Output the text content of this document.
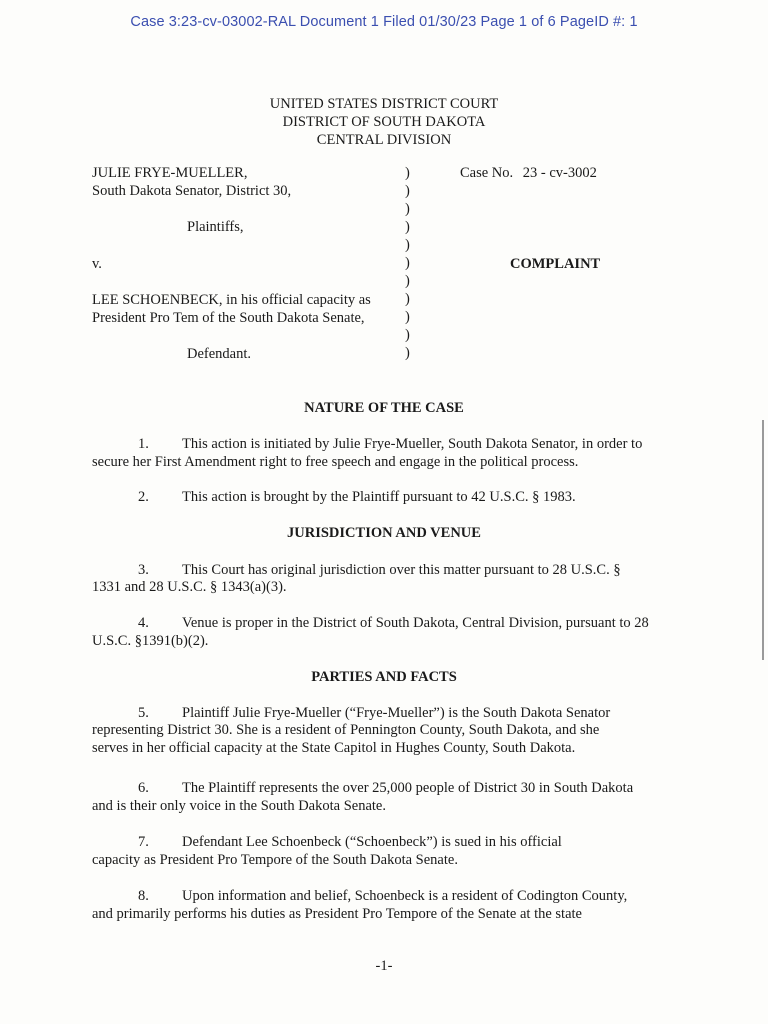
Case 3:23-cv-03002-RAL Document 1 Filed 01/30/23 Page 1 of 6 PageID #: 1
UNITED STATES DISTRICT COURT
DISTRICT OF SOUTH DAKOTA
CENTRAL DIVISION
JULIE FRYE-MUELLER,
South Dakota Senator, District 30,
Plaintiffs,
v.
LEE SCHOENBECK, in his official capacity as
President Pro Tem of the South Dakota Senate,
Defendant.
)
)
)
)
)
)
)
)
)
)
)
Case No. 23 - cv-3002
COMPLAINT
NATURE OF THE CASE
1. This action is initiated by Julie Frye-Mueller, South Dakota Senator, in order to
secure her First Amendment right to free speech and engage in the political process.
2. This action is brought by the Plaintiff pursuant to 42 U.S.C. § 1983.
JURISDICTION AND VENUE
3. This Court has original jurisdiction over this matter pursuant to 28 U.S.C. §
1331 and 28 U.S.C. § 1343(a)(3).
4. Venue is proper in the District of South Dakota, Central Division, pursuant to 28
U.S.C. §1391(b)(2).
PARTIES AND FACTS
5. Plaintiff Julie Frye-Mueller (“Frye-Mueller”) is the South Dakota Senator
representing District 30. She is a resident of Pennington County, South Dakota, and she
serves in her official capacity at the State Capitol in Hughes County, South Dakota.
6. The Plaintiff represents the over 25,000 people of District 30 in South Dakota
and is their only voice in the South Dakota Senate.
7. Defendant Lee Schoenbeck (“Schoenbeck”) is sued in his official
capacity as President Pro Tempore of the South Dakota Senate.
8. Upon information and belief, Schoenbeck is a resident of Codington County,
and primarily performs his duties as President Pro Tempore of the Senate at the state
-1-
